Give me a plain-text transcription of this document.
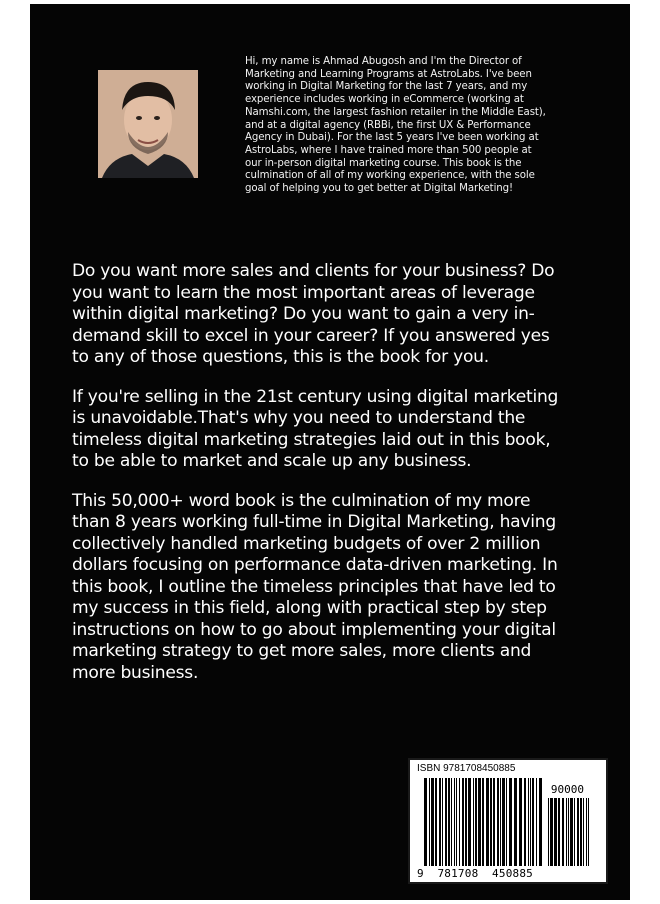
Hi, my name is Ahmad Abugosh and I'm the Director of
Marketing and Learning Programs at AstroLabs. I've been
working in Digital Marketing for the last 7 years, and my
experience includes working in eCommerce (working at
Namshi.com, the largest fashion retailer in the Middle East),
and at a digital agency (RBBi, the first UX & Performance
Agency in Dubai). For the last 5 years I've been working at
AstroLabs, where I have trained more than 500 people at
our in-person digital marketing course. This book is the
culmination of all of my working experience, with the sole
goal of helping you to get better at Digital Marketing!

Do you want more sales and clients for your business? Do
you want to learn the most important areas of leverage
within digital marketing? Do you want to gain a very in-
demand skill to excel in your career? If you answered yes
to any of those questions, this is the book for you.

If you're selling in the 21st century using digital marketing
is unavoidable.That's why you need to understand the
timeless digital marketing strategies laid out in this book,
to be able to market and scale up any business.

This 50,000+ word book is the culmination of my more
than 8 years working full-time in Digital Marketing, having
collectively handled marketing budgets of over 2 million
dollars focusing on performance data-driven marketing. In
this book, I outline the timeless principles that have led to
my success in this field, along with practical step by step
instructions on how to go about implementing your digital
marketing strategy to get more sales, more clients and
more business.

ISBN 9781708450885
90000
9  781708  450885
